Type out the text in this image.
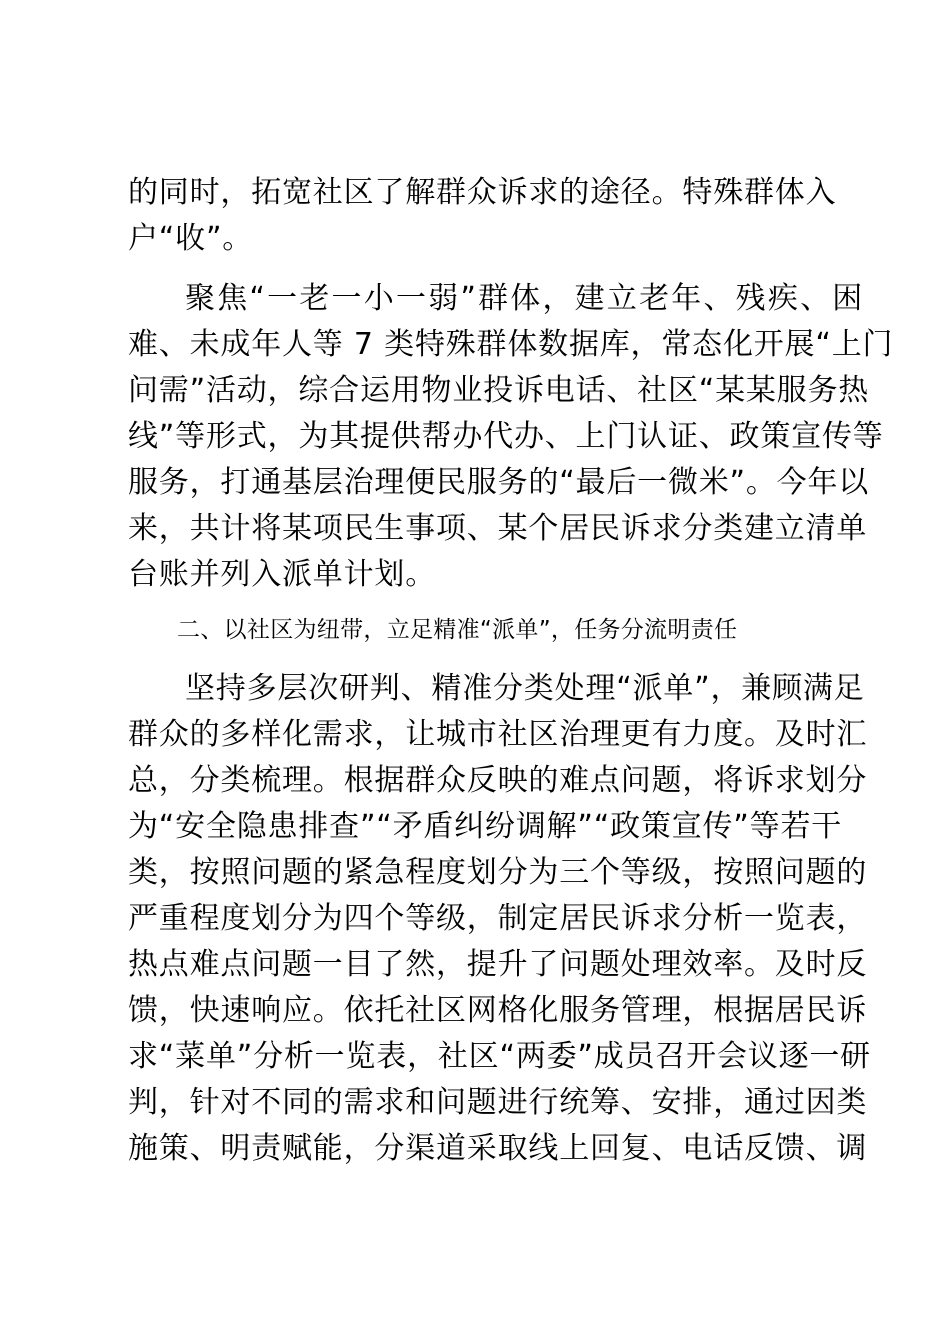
的同时，拓宽社区了解群众诉求的途径。特殊群体入
户“收”。
聚焦“一老一小一弱”群体，建立老年、残疾、困
难、未成年人等 7 类特殊群体数据库，常态化开展“上门
问需”活动，综合运用物业投诉电话、社区“某某服务热
线”等形式，为其提供帮办代办、上门认证、政策宣传等
服务，打通基层治理便民服务的“最后一微米”。今年以
来，共计将某项民生事项、某个居民诉求分类建立清单
台账并列入派单计划。
二、以社区为纽带，立足精准“派单”，任务分流明责任
坚持多层次研判、精准分类处理“派单”，兼顾满足
群众的多样化需求，让城市社区治理更有力度。及时汇
总，分类梳理。根据群众反映的难点问题，将诉求划分
为“安全隐患排查”“矛盾纠纷调解”“政策宣传”等若干
类，按照问题的紧急程度划分为三个等级，按照问题的
严重程度划分为四个等级，制定居民诉求分析一览表，
热点难点问题一目了然，提升了问题处理效率。及时反
馈，快速响应。依托社区网格化服务管理，根据居民诉
求“菜单”分析一览表，社区“两委”成员召开会议逐一研
判，针对不同的需求和问题进行统筹、安排，通过因类
施策、明责赋能，分渠道采取线上回复、电话反馈、调
